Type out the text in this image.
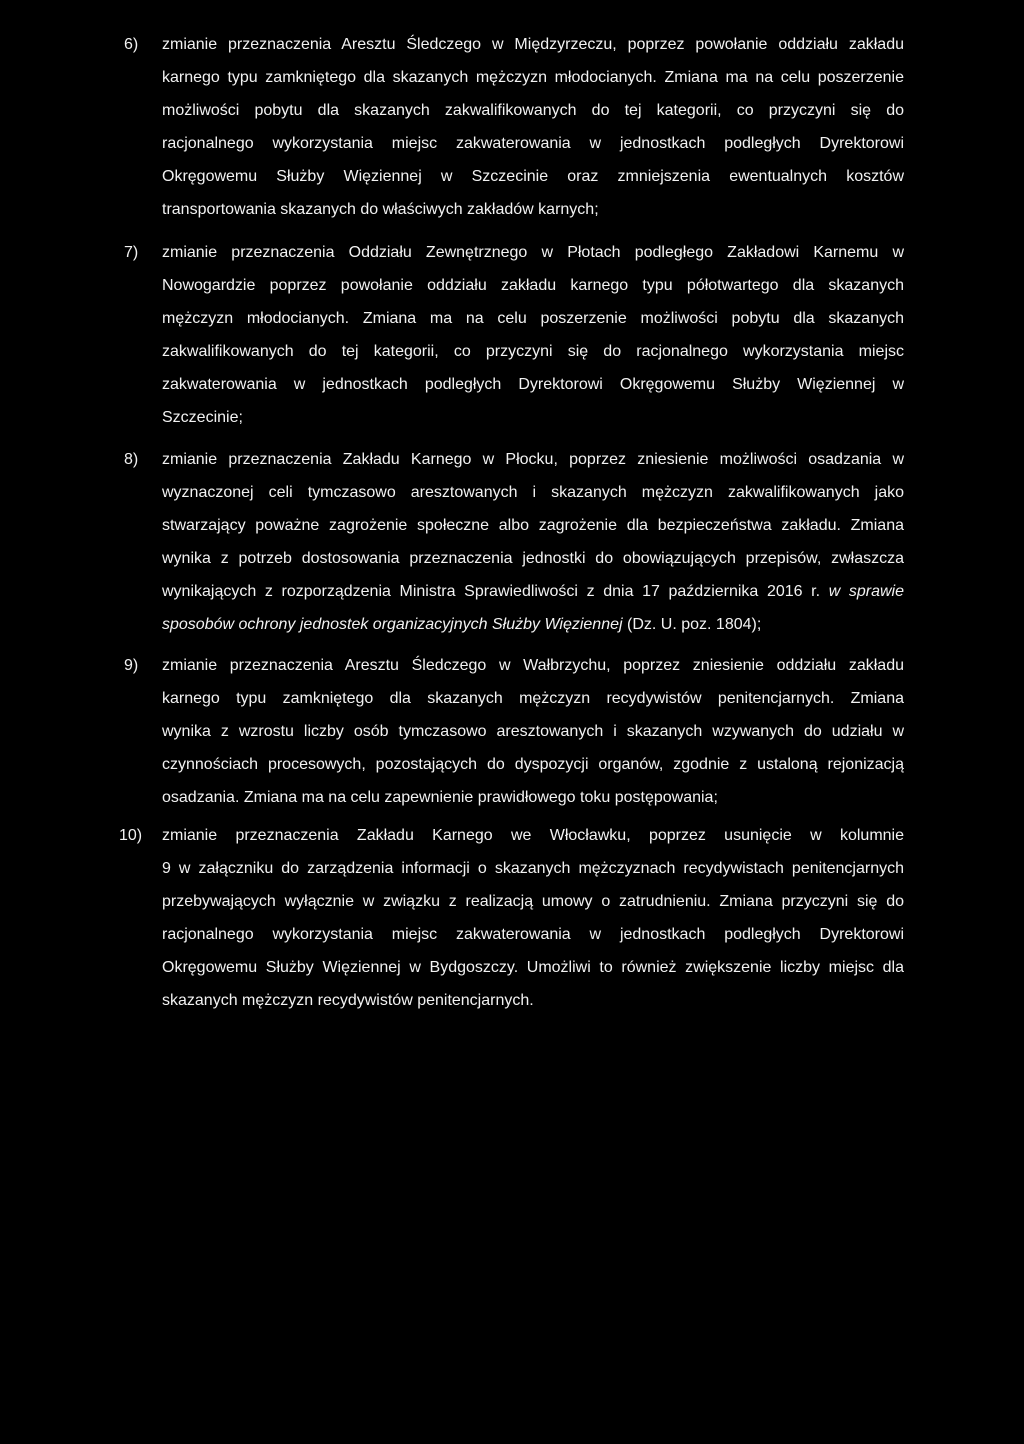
6) zmianie przeznaczenia Aresztu Śledczego w Międzyrzeczu, poprzez powołanie oddziału zakładu
karnego typu zamkniętego dla skazanych mężczyzn młodocianych. Zmiana ma na celu poszerzenie
możliwości pobytu dla skazanych zakwalifikowanych do tej kategorii, co przyczyni się do
racjonalnego wykorzystania miejsc zakwaterowania w jednostkach podległych Dyrektorowi
Okręgowemu Służby Więziennej w Szczecinie oraz zmniejszenia ewentualnych kosztów
transportowania skazanych do właściwych zakładów karnych;
7) zmianie przeznaczenia Oddziału Zewnętrznego w Płotach podległego Zakładowi Karnemu w
Nowogardzie poprzez powołanie oddziału zakładu karnego typu półotwartego dla skazanych
mężczyzn młodocianych. Zmiana ma na celu poszerzenie możliwości pobytu dla skazanych
zakwalifikowanych do tej kategorii, co przyczyni się do racjonalnego wykorzystania miejsc
zakwaterowania w jednostkach podległych Dyrektorowi Okręgowemu Służby Więziennej w
Szczecinie;
8) zmianie przeznaczenia Zakładu Karnego w Płocku, poprzez zniesienie możliwości osadzania w
wyznaczonej celi tymczasowo aresztowanych i skazanych mężczyzn zakwalifikowanych jako
stwarzający poważne zagrożenie społeczne albo zagrożenie dla bezpieczeństwa zakładu. Zmiana
wynika z potrzeb dostosowania przeznaczenia jednostki do obowiązujących przepisów, zwłaszcza
wynikających z rozporządzenia Ministra Sprawiedliwości z dnia 17 października 2016 r. w sprawie
sposobów ochrony jednostek organizacyjnych Służby Więziennej (Dz. U. poz. 1804);
9) zmianie przeznaczenia Aresztu Śledczego w Wałbrzychu, poprzez zniesienie oddziału zakładu
karnego typu zamkniętego dla skazanych mężczyzn recydywistów penitencjarnych. Zmiana
wynika z wzrostu liczby osób tymczasowo aresztowanych i skazanych wzywanych do udziału w
czynnościach procesowych, pozostających do dyspozycji organów, zgodnie z ustaloną rejonizacją
osadzania. Zmiana ma na celu zapewnienie prawidłowego toku postępowania;
10) zmianie przeznaczenia Zakładu Karnego we Włocławku, poprzez usunięcie w kolumnie
9 w załączniku do zarządzenia informacji o skazanych mężczyznach recydywistach penitencjarnych
przebywających wyłącznie w związku z realizacją umowy o zatrudnieniu. Zmiana przyczyni się do
racjonalnego wykorzystania miejsc zakwaterowania w jednostkach podległych Dyrektorowi
Okręgowemu Służby Więziennej w Bydgoszczy. Umożliwi to również zwiększenie liczby miejsc dla
skazanych mężczyzn recydywistów penitencjarnych.
